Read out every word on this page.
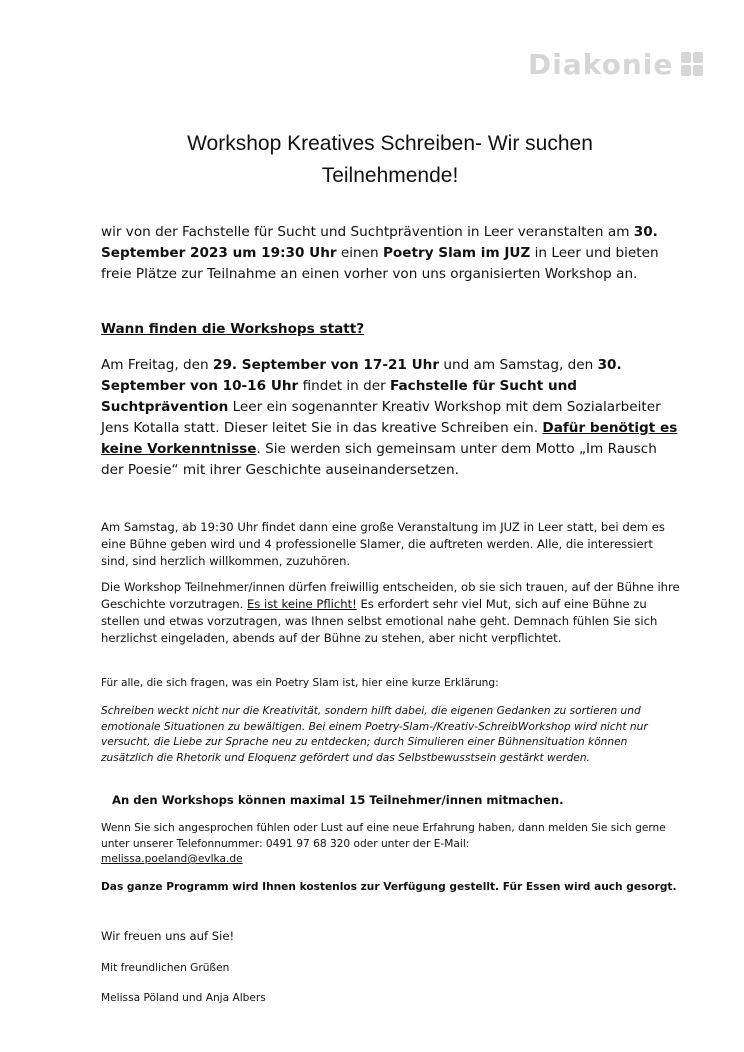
Diakonie
Workshop Kreatives Schreiben- Wir suchen
Teilnehmende!
wir von der Fachstelle für Sucht und Suchtprävention in Leer veranstalten am 30. September 2023 um 19:30 Uhr einen Poetry Slam im JUZ in Leer und bieten freie Plätze zur Teilnahme an einen vorher von uns organisierten Workshop an.
Wann finden die Workshops statt?
Am Freitag, den 29. September von 17-21 Uhr und am Samstag, den 30. September von 10-16 Uhr findet in der Fachstelle für Sucht und Suchtprävention Leer ein sogenannter Kreativ Workshop mit dem Sozialarbeiter Jens Kotalla statt. Dieser leitet Sie in das kreative Schreiben ein. Dafür benötigt es keine Vorkenntnisse. Sie werden sich gemeinsam unter dem Motto „Im Rausch der Poesie“ mit ihrer Geschichte auseinandersetzen.
Am Samstag, ab 19:30 Uhr findet dann eine große Veranstaltung im JUZ in Leer statt, bei dem es eine Bühne geben wird und 4 professionelle Slamer, die auftreten werden. Alle, die interessiert sind, sind herzlich willkommen, zuzuhören.
Die Workshop Teilnehmer/innen dürfen freiwillig entscheiden, ob sie sich trauen, auf der Bühne ihre Geschichte vorzutragen. Es ist keine Pflicht! Es erfordert sehr viel Mut, sich auf eine Bühne zu stellen und etwas vorzutragen, was Ihnen selbst emotional nahe geht. Demnach fühlen Sie sich herzlichst eingeladen, abends auf der Bühne zu stehen, aber nicht verpflichtet.
Für alle, die sich fragen, was ein Poetry Slam ist, hier eine kurze Erklärung:
Schreiben weckt nicht nur die Kreativität, sondern hilft dabei, die eigenen Gedanken zu sortieren und emotionale Situationen zu bewältigen. Bei einem Poetry-Slam-/Kreativ-SchreibWorkshop wird nicht nur versucht, die Liebe zur Sprache neu zu entdecken; durch Simulieren einer Bühnensituation können zusätzlich die Rhetorik und Eloquenz gefördert und das Selbstbewusstsein gestärkt werden.
An den Workshops können maximal 15 Teilnehmer/innen mitmachen.
Wenn Sie sich angesprochen fühlen oder Lust auf eine neue Erfahrung haben, dann melden Sie sich gerne unter unserer Telefonnummer: 0491 97 68 320 oder unter der E-Mail:
melissa.poeland@evlka.de
Das ganze Programm wird Ihnen kostenlos zur Verfügung gestellt. Für Essen wird auch gesorgt.
Wir freuen uns auf Sie!
Mit freundlichen Grüßen
Melissa Pöland und Anja Albers
